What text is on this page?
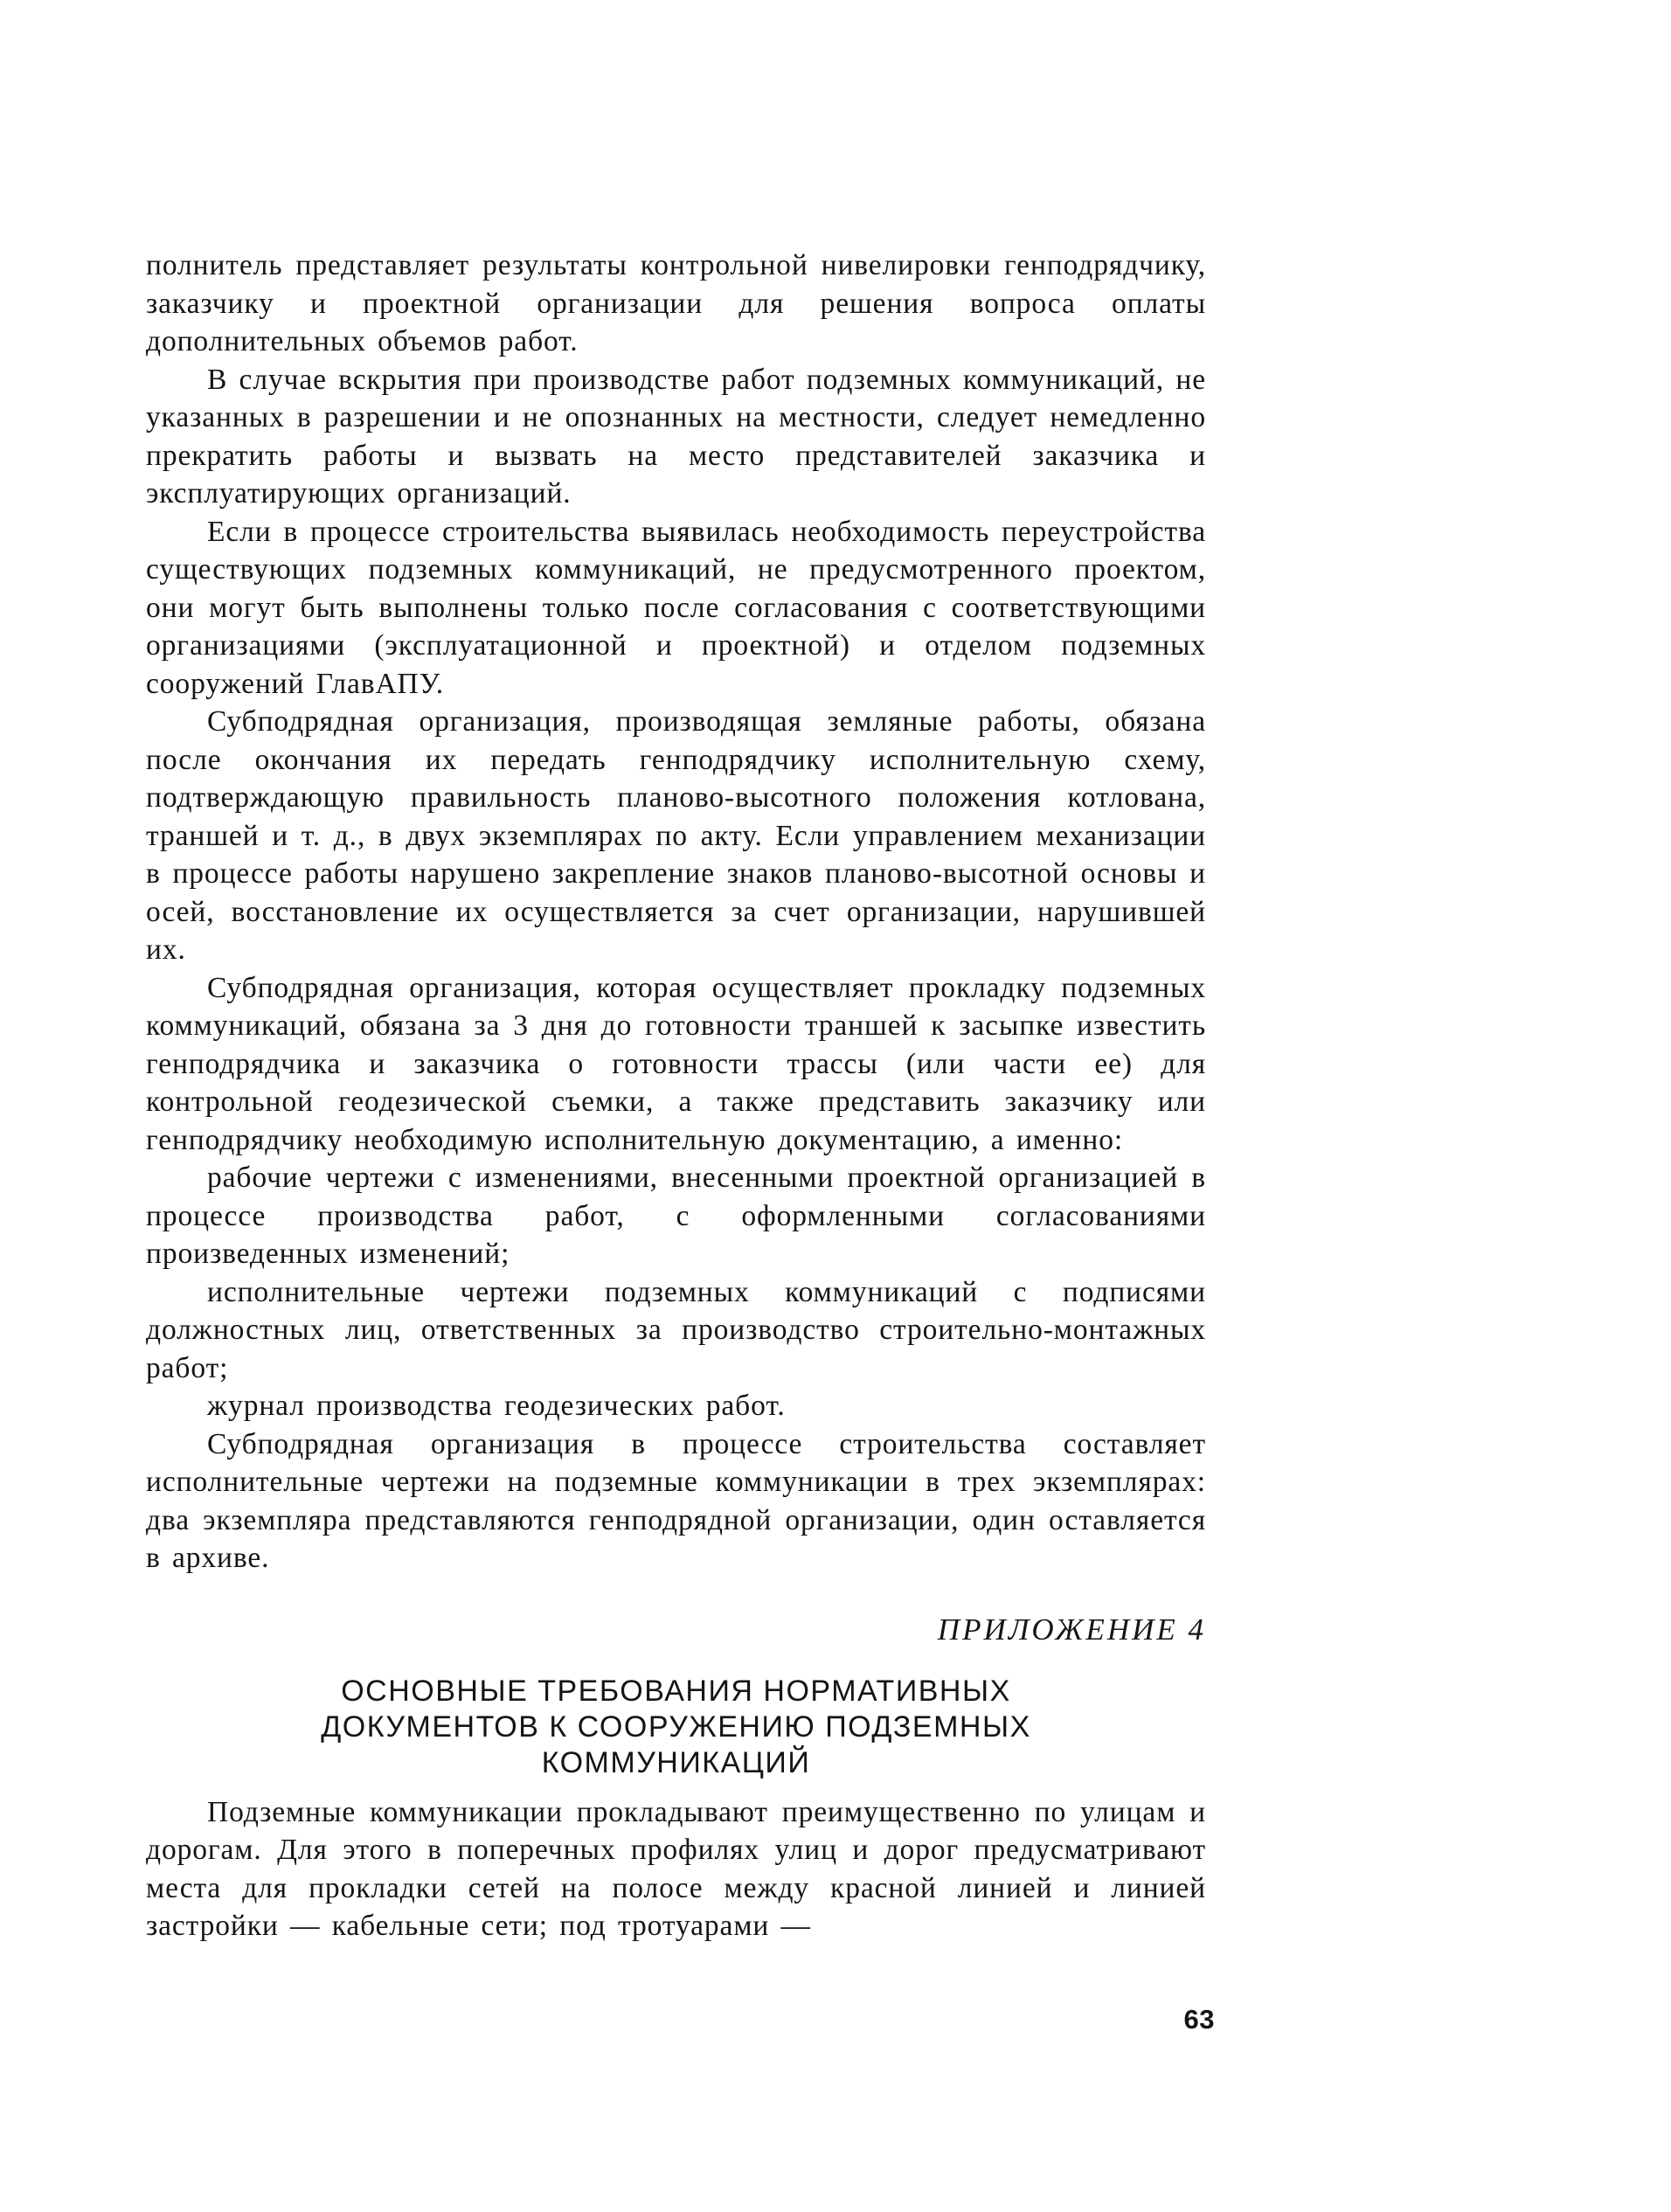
полнитель представляет результаты контрольной нивелировки генподрядчику, заказчику и проектной организации для решения вопроса оплаты дополнительных объемов работ.

В случае вскрытия при производстве работ подземных коммуникаций, не указанных в разрешении и не опознанных на местности, следует немедленно прекратить работы и вызвать на место представителей заказчика и эксплуатирующих организаций.

Если в процессе строительства выявилась необходимость переустройства существующих подземных коммуникаций, не предусмотренного проектом, они могут быть выполнены только после согласования с соответствующими организациями (эксплуатационной и проектной) и отделом подземных сооружений ГлавАПУ.

Субподрядная организация, производящая земляные работы, обязана после окончания их передать генподрядчику исполнительную схему, подтверждающую правильность планово-высотного положения котлована, траншей и т. д., в двух экземплярах по акту. Если управлением механизации в процессе работы нарушено закрепление знаков планово-высотной основы и осей, восстановление их осуществляется за счет организации, нарушившей их.

Субподрядная организация, которая осуществляет прокладку подземных коммуникаций, обязана за 3 дня до готовности траншей к засыпке известить генподрядчика и заказчика о готовности трассы (или части ее) для контрольной геодезической съемки, а также представить заказчику или генподрядчику необходимую исполнительную документацию, а именно:

рабочие чертежи с изменениями, внесенными проектной организацией в процессе производства работ, с оформленными согласованиями произведенных изменений;

исполнительные чертежи подземных коммуникаций с подписями должностных лиц, ответственных за производство строительно-монтажных работ;

журнал производства геодезических работ.

Субподрядная организация в процессе строительства составляет исполнительные чертежи на подземные коммуникации в трех экземплярах: два экземпляра представляются генподрядной организации, один оставляется в архиве.

ПРИЛОЖЕНИЕ 4
ОСНОВНЫЕ ТРЕБОВАНИЯ НОРМАТИВНЫХ
ДОКУМЕНТОВ К СООРУЖЕНИЮ ПОДЗЕМНЫХ
КОММУНИКАЦИЙ

Подземные коммуникации прокладывают преимущественно по улицам и дорогам. Для этого в поперечных профилях улиц и дорог предусматривают места для прокладки сетей на полосе между красной линией и линией застройки — кабельные сети; под тротуарами —

63
